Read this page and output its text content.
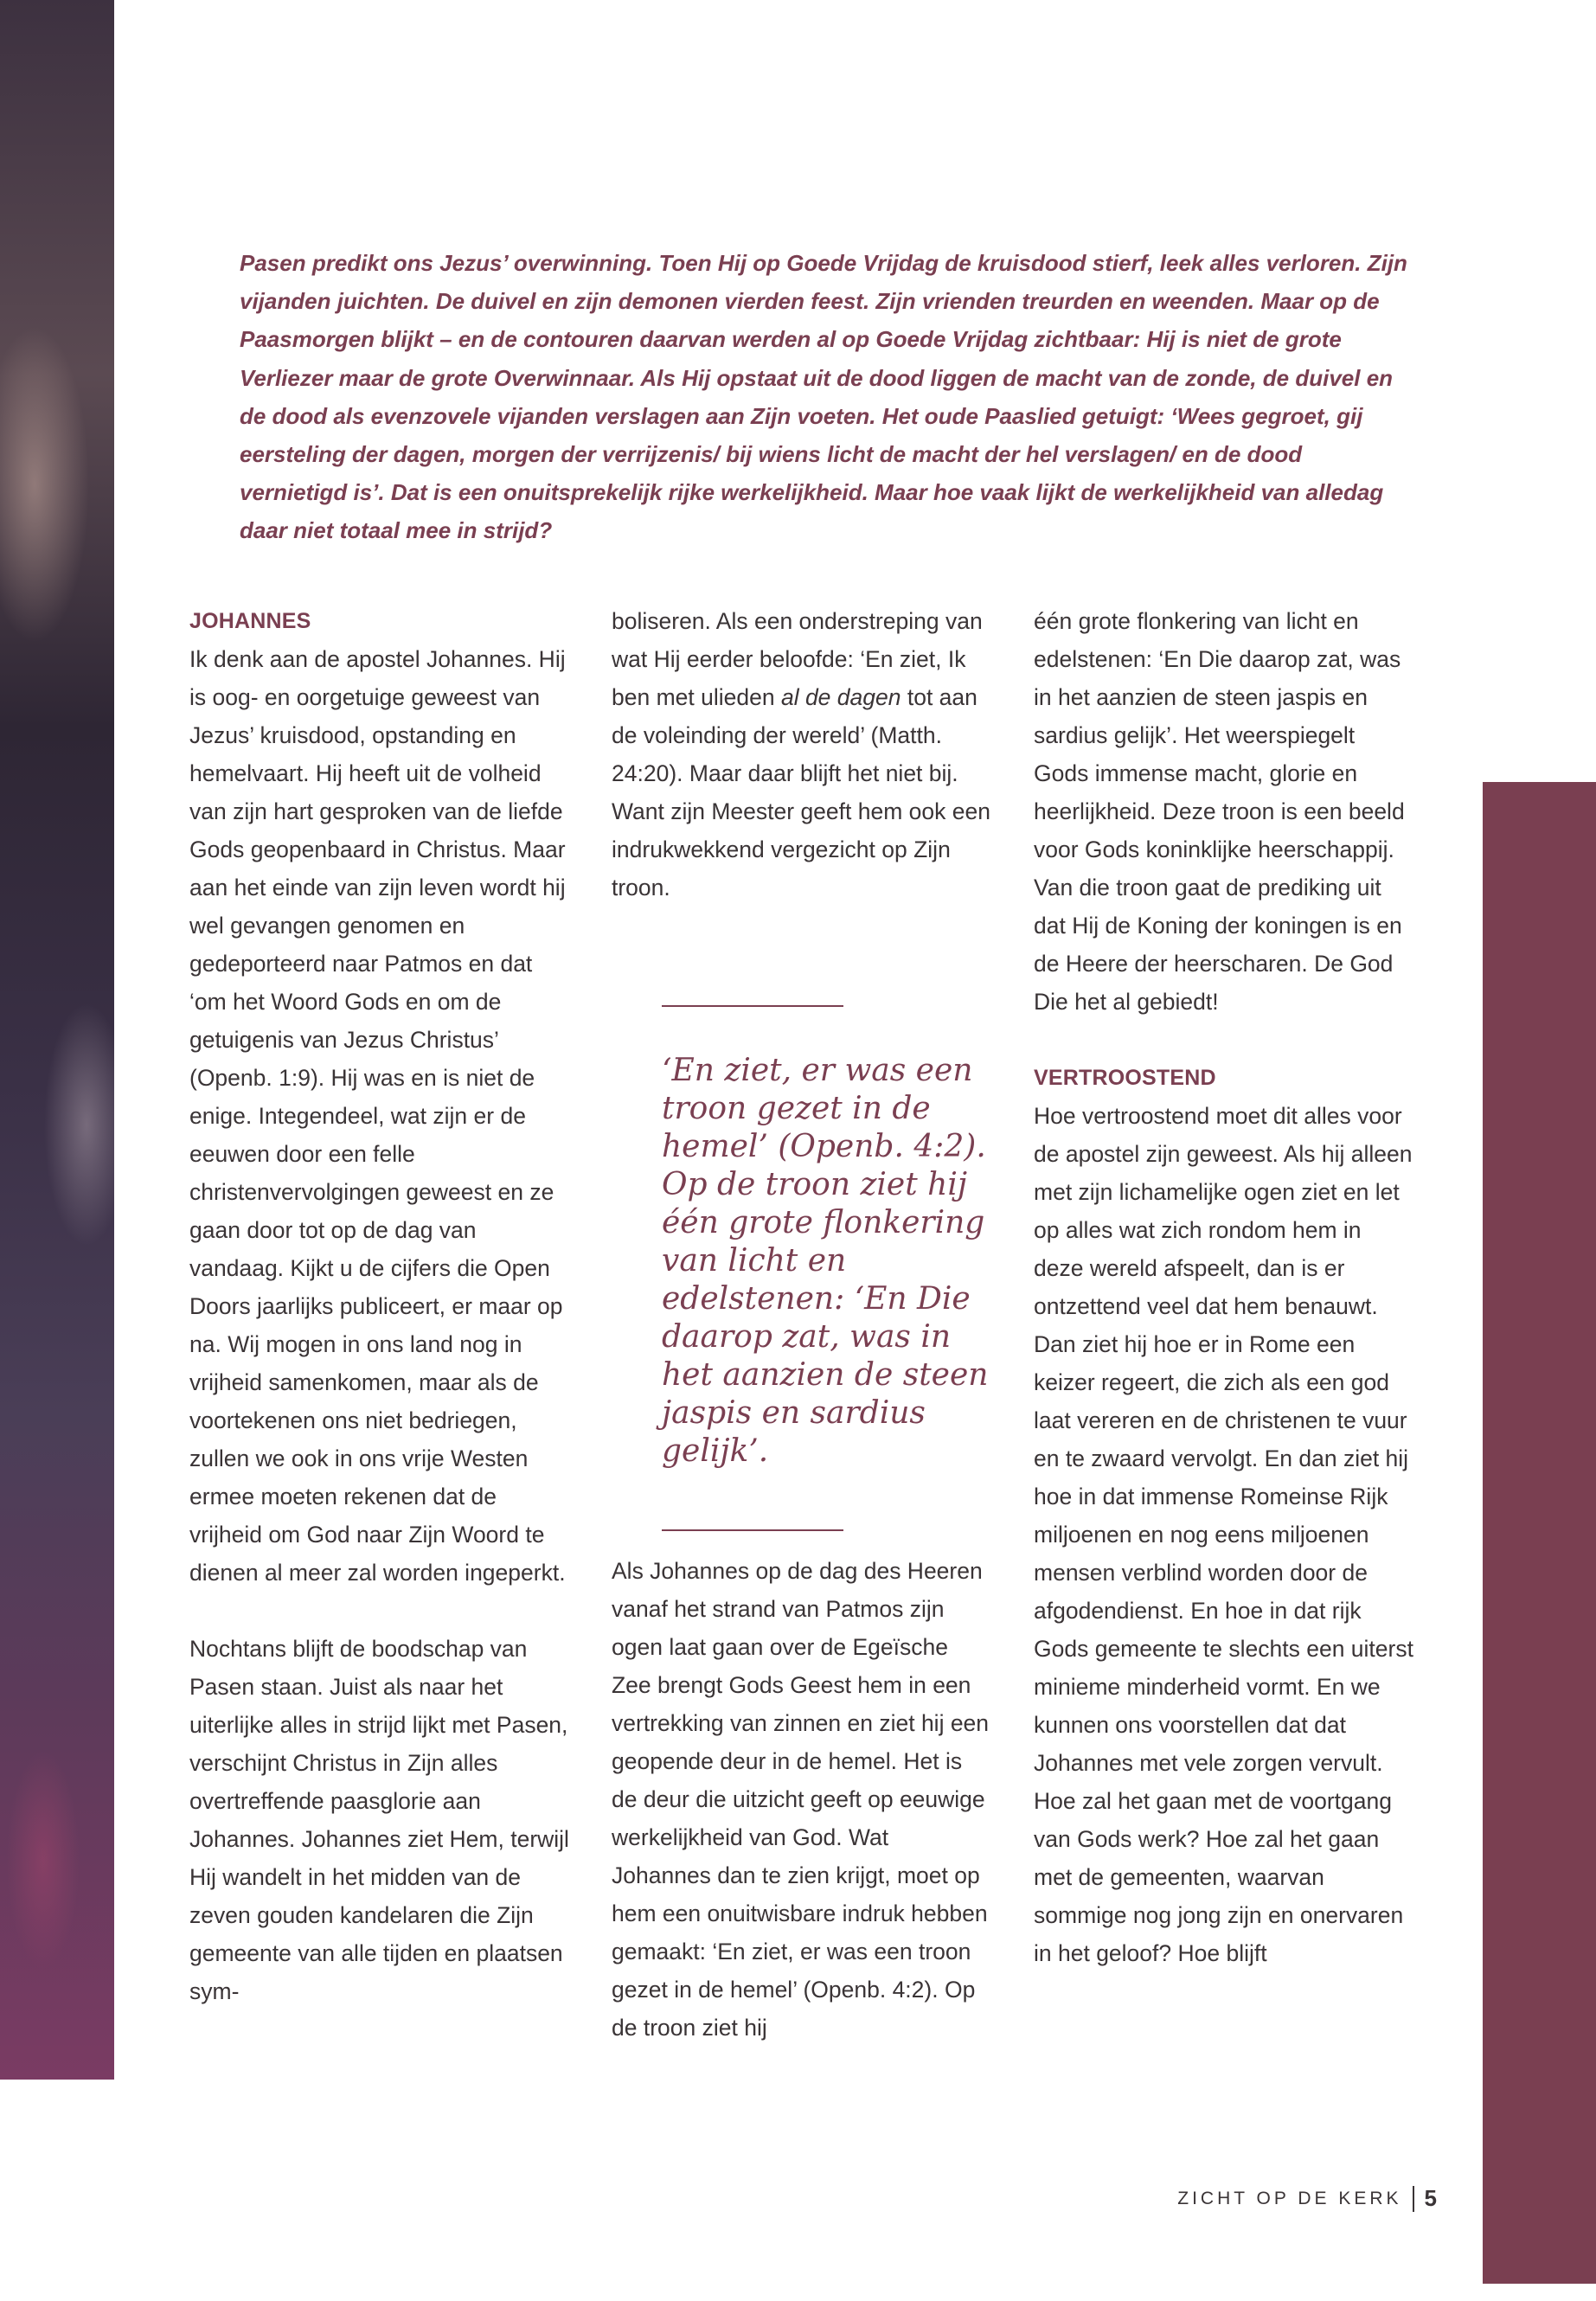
Pasen predikt ons Jezus’ overwinning. Toen Hij op Goede Vrijdag de kruisdood stierf, leek alles verloren. Zijn vijanden juichten. De duivel en zijn demonen vierden feest. Zijn vrienden treurden en weenden. Maar op de Paasmorgen blijkt – en de contouren daarvan werden al op Goede Vrijdag zichtbaar: Hij is niet de grote Verliezer maar de grote Overwinnaar. Als Hij opstaat uit de dood liggen de macht van de zonde, de duivel en de dood als evenzovele vijanden verslagen aan Zijn voeten. Het oude Paaslied getuigt: ‘Wees gegroet, gij eersteling der dagen, morgen der verrijzenis/ bij wiens licht de macht der hel verslagen/ en de dood vernietigd is’. Dat is een onuitsprekelijk rijke werkelijkheid. Maar hoe vaak lijkt de werkelijkheid van alledag daar niet totaal mee in strijd?

JOHANNES

Ik denk aan de apostel Johannes. Hij is oog- en oorgetuige geweest van Jezus’ kruisdood, opstanding en hemelvaart. Hij heeft uit de volheid van zijn hart gesproken van de liefde Gods geopenbaard in Christus. Maar aan het einde van zijn leven wordt hij wel gevangen genomen en gedeporteerd naar Patmos en dat ‘om het Woord Gods en om de getuigenis van Jezus Christus’ (Openb. 1:9). Hij was en is niet de enige. Integendeel, wat zijn er de eeuwen door een felle christenvervolgingen geweest en ze gaan door tot op de dag van vandaag. Kijkt u de cijfers die Open Doors jaarlijks publiceert, er maar op na. Wij mogen in ons land nog in vrijheid samenkomen, maar als de voortekenen ons niet bedriegen, zullen we ook in ons vrije Westen ermee moeten rekenen dat de vrijheid om God naar Zijn Woord te dienen al meer zal worden ingeperkt.

Nochtans blijft de boodschap van Pasen staan. Juist als naar het uiterlijke alles in strijd lijkt met Pasen, verschijnt Christus in Zijn alles overtreffende paasglorie aan Johannes. Johannes ziet Hem, terwijl Hij wandelt in het midden van de zeven gouden kandelaren die Zijn gemeente van alle tijden en plaatsen sym-

boliseren. Als een onderstreping van wat Hij eerder beloofde: ‘En ziet, Ik ben met ulieden al de dagen tot aan de voleinding der wereld’ (Matth. 24:20). Maar daar blijft het niet bij. Want zijn Meester geeft hem ook een indrukwekkend vergezicht op Zijn troon.

‘En ziet, er was een troon gezet in de hemel’ (Openb. 4:2). Op de troon ziet hij één grote flonkering van licht en edelstenen: ‘En Die daarop zat, was in het aanzien de steen jaspis en sardius gelijk’.

Als Johannes op de dag des Heeren vanaf het strand van Patmos zijn ogen laat gaan over de Egeïsche Zee brengt Gods Geest hem in een vertrekking van zinnen en ziet hij een geopende deur in de hemel. Het is de deur die uitzicht geeft op eeuwige werkelijkheid van God. Wat Johannes dan te zien krijgt, moet op hem een onuitwisbare indruk hebben gemaakt: ‘En ziet, er was een troon gezet in de hemel’ (Openb. 4:2). Op de troon ziet hij

één grote flonkering van licht en edelstenen: ‘En Die daarop zat, was in het aanzien de steen jaspis en sardius gelijk’. Het weerspiegelt Gods immense macht, glorie en heerlijkheid. Deze troon is een beeld voor Gods koninklijke heerschappij. Van die troon gaat de prediking uit dat Hij de Koning der koningen is en de Heere der heerscharen. De God Die het al gebiedt!

VERTROOSTEND

Hoe vertroostend moet dit alles voor de apostel zijn geweest. Als hij alleen met zijn lichamelijke ogen ziet en let op alles wat zich rondom hem in deze wereld afspeelt, dan is er ontzettend veel dat hem benauwt. Dan ziet hij hoe er in Rome een keizer regeert, die zich als een god laat vereren en de christenen te vuur en te zwaard vervolgt. En dan ziet hij hoe in dat immense Romeinse Rijk miljoenen en nog eens miljoenen mensen verblind worden door de afgodendienst. En hoe in dat rijk Gods gemeente te slechts een uiterst minieme minderheid vormt. En we kunnen ons voorstellen dat dat Johannes met vele zorgen vervult. Hoe zal het gaan met de voortgang van Gods werk? Hoe zal het gaan met de gemeenten, waarvan sommige nog jong zijn en onervaren in het geloof? Hoe blijft

ZICHT OP DE KERK 5
